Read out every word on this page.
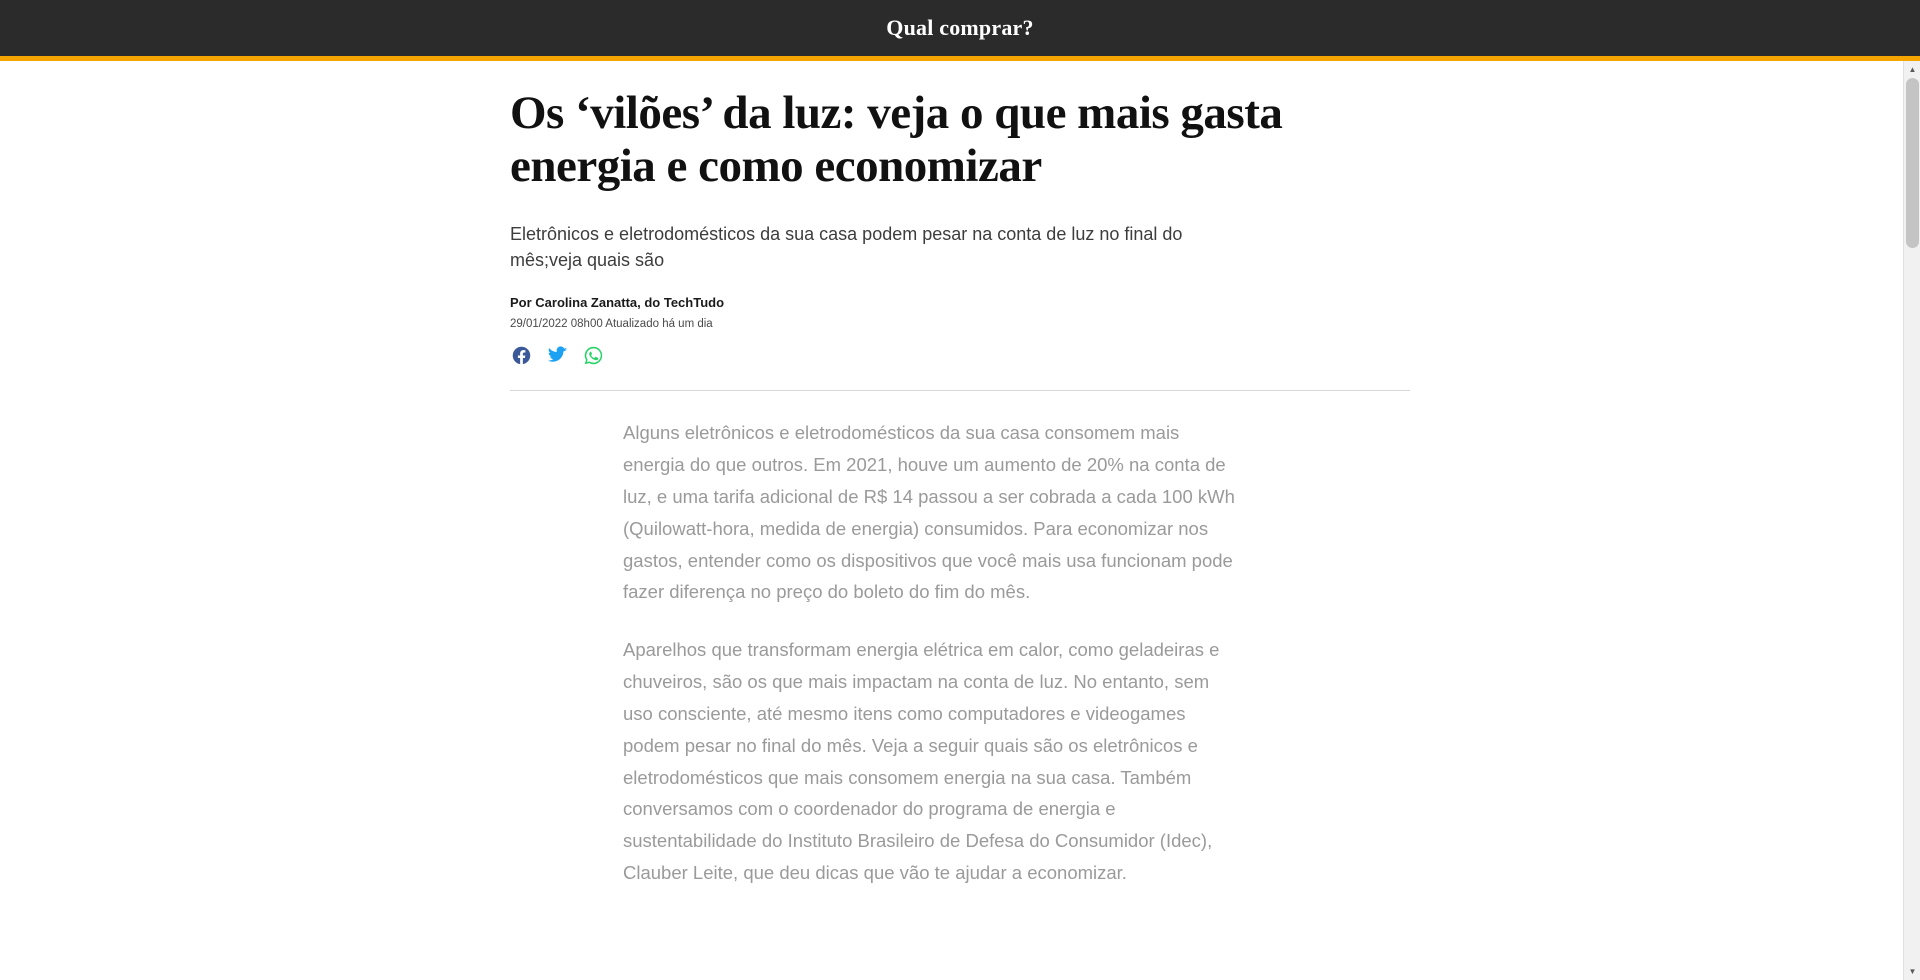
Qual comprar?
Os ‘vilões’ da luz: veja o que mais gasta energia e como economizar

Eletrônicos e eletrodomésticos da sua casa podem pesar na conta de luz no final do mês;veja quais são

Por Carolina Zanatta, do TechTudo

29/01/2022 08h00 Atualizado há um dia

Alguns eletrônicos e eletrodomésticos da sua casa consomem mais energia do que outros. Em 2021, houve um aumento de 20% na conta de luz, e uma tarifa adicional de R$ 14 passou a ser cobrada a cada 100 kWh (Quilowatt-hora, medida de energia) consumidos. Para economizar nos gastos, entender como os dispositivos que você mais usa funcionam pode fazer diferença no preço do boleto do fim do mês.

Aparelhos que transformam energia elétrica em calor, como geladeiras e chuveiros, são os que mais impactam na conta de luz. No entanto, sem uso consciente, até mesmo itens como computadores e videogames podem pesar no final do mês. Veja a seguir quais são os eletrônicos e eletrodomésticos que mais consomem energia na sua casa. Também conversamos com o coordenador do programa de energia e sustentabilidade do Instituto Brasileiro de Defesa do Consumidor (Idec), Clauber Leite, que deu dicas que vão te ajudar a economizar.

▲
▼
